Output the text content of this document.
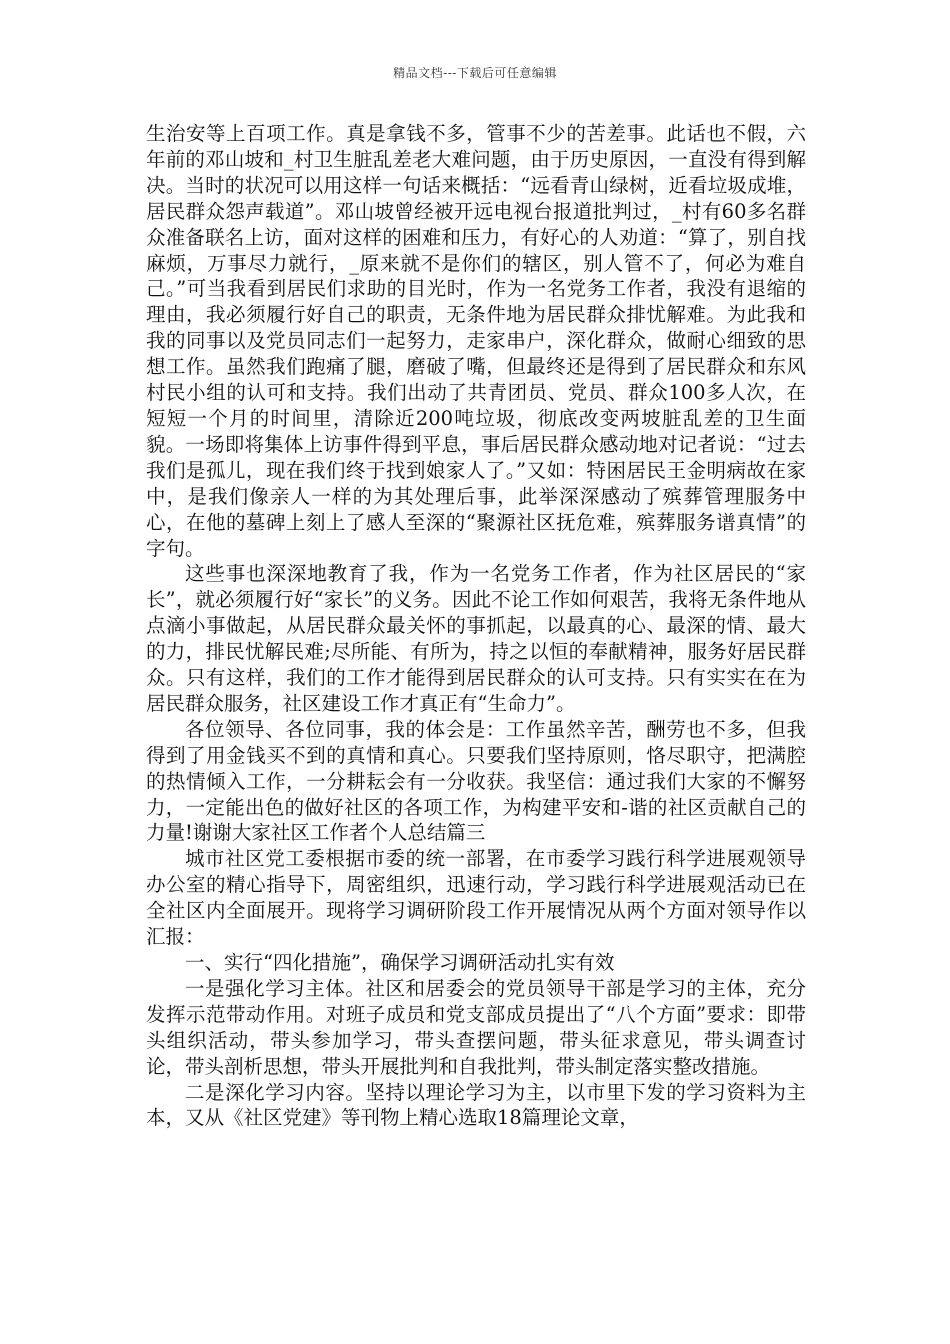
精品文档---下载后可任意编辑

生治安等上百项工作。真是拿钱不多，管事不少的苦差事。此话也不假，六年前的邓山坡和_村卫生脏乱差老大难问题，由于历史原因，一直没有得到解决。当时的状况可以用这样一句话来概括：“远看青山绿树，近看垃圾成堆，居民群众怨声载道”。邓山坡曾经被开远电视台报道批判过，_村有60多名群众准备联名上访，面对这样的困难和压力，有好心的人劝道：“算了，别自找麻烦，万事尽力就行，_原来就不是你们的辖区，别人管不了，何必为难自己。”可当我看到居民们求助的目光时，作为一名党务工作者，我没有退缩的理由，我必须履行好自己的职责，无条件地为居民群众排忧解难。为此我和我的同事以及党员同志们一起努力，走家串户，深化群众，做耐心细致的思想工作。虽然我们跑痛了腿，磨破了嘴，但最终还是得到了居民群众和东风村民小组的认可和支持。我们出动了共青团员、党员、群众100多人次，在短短一个月的时间里，清除近200吨垃圾，彻底改变两坡脏乱差的卫生面貌。一场即将集体上访事件得到平息，事后居民群众感动地对记者说：“过去我们是孤儿，现在我们终于找到娘家人了。”又如：特困居民王金明病故在家中，是我们像亲人一样的为其处理后事，此举深深感动了殡葬管理服务中心，在他的墓碑上刻上了感人至深的“聚源社区抚危难，殡葬服务谱真情”的字句。

这些事也深深地教育了我，作为一名党务工作者，作为社区居民的“家长”，就必须履行好“家长”的义务。因此不论工作如何艰苦，我将无条件地从点滴小事做起，从居民群众最关怀的事抓起，以最真的心、最深的情、最大的力，排民忧解民难;尽所能、有所为，持之以恒的奉献精神，服务好居民群众。只有这样，我们的工作才能得到居民群众的认可支持。只有实实在在为居民群众服务，社区建设工作才真正有“生命力”。

各位领导、各位同事，我的体会是：工作虽然辛苦，酬劳也不多，但我得到了用金钱买不到的真情和真心。只要我们坚持原则，恪尽职守，把满腔的热情倾入工作，一分耕耘会有一分收获。我坚信：通过我们大家的不懈努力，一定能出色的做好社区的各项工作，为构建平安和-谐的社区贡献自己的力量!谢谢大家社区工作者个人总结篇三

城市社区党工委根据市委的统一部署，在市委学习践行科学进展观领导办公室的精心指导下，周密组织，迅速行动，学习践行科学进展观活动已在全社区内全面展开。现将学习调研阶段工作开展情况从两个方面对领导作以汇报：

一、实行“四化措施”，确保学习调研活动扎实有效

一是强化学习主体。社区和居委会的党员领导干部是学习的主体，充分发挥示范带动作用。对班子成员和党支部成员提出了“八个方面”要求：即带头组织活动，带头参加学习，带头查摆问题，带头征求意见，带头调查讨论，带头剖析思想，带头开展批判和自我批判，带头制定落实整改措施。

二是深化学习内容。坚持以理论学习为主，以市里下发的学习资料为主本，又从《社区党建》等刊物上精心选取18篇理论文章，
